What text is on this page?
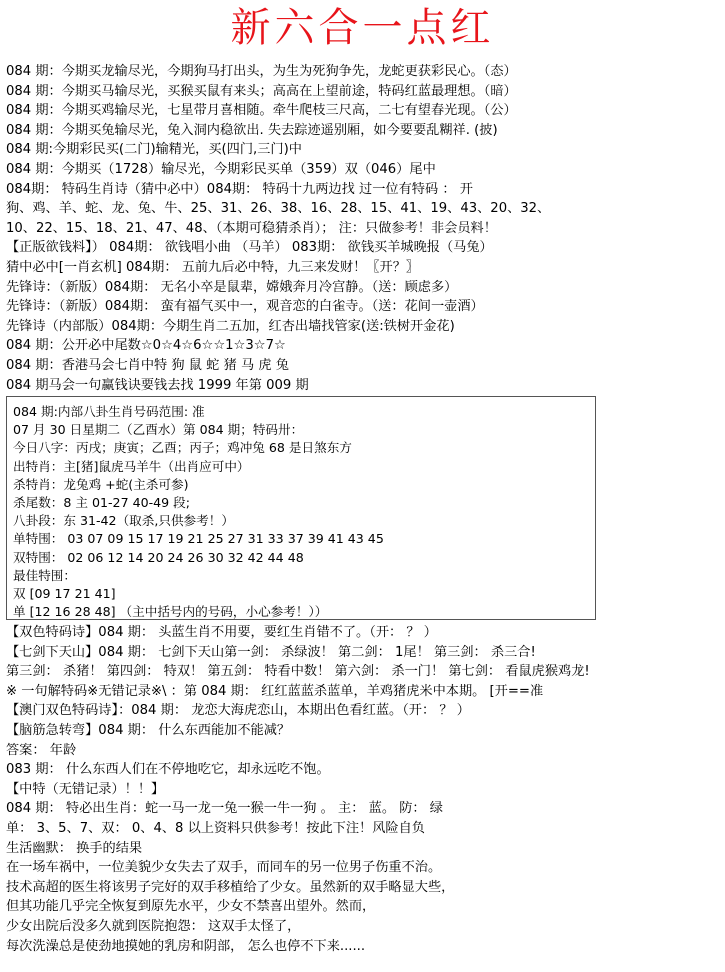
新六合一点红
084 期：今期买龙输尽光，今期狗马打出头，为生为死狗争先，龙蛇更获彩民心。（态）
084 期：今期买马输尽光，买猴买鼠有来头；高高在上望前途，特码红蓝最理想。（暗）
084 期：今期买鸡输尽光，七星带月喜相随。牵牛爬枝三尺高，二七有望春光现。（公）
084 期：今期买兔输尽光，兔入洞内稳欲出. 失去踪迹遥别厢，如今要要乱糊祥. (披)
084 期:今期彩民买(二门)输精光，买(四门,三门)中
084 期：今期买（1728）输尽光，今期彩民买单（359）双（046）尾中
084期： 特码生肖诗（猜中必中）084期： 特码十九两边找 过一位有特码 ： 开
狗、鸡、羊、蛇、龙、兔、牛、25、31、26、38、16、28、15、41、19、43、20、32、
10、22、15、18、21、47、48、（本期可稳猜杀肖）； 注：只做参考！非会员料！
【正版欲钱料】） 084期： 欲钱唱小曲 （马羊） 083期： 欲钱买羊城晚报（马兔）
猜中必中[一肖玄机] 084期： 五前九后必中特，九三来发财！〖开？〗
先锋诗：（新版）084期： 无名小卒是鼠辈，嫦娥奔月冷宫静。（送：顾虑多）
先锋诗：（新版）084期： 蛮有福气买中一，观音恋的白雀寺。（送：花间一壶酒）
先锋诗（内部版）084期：今期生肖二五加，红杏出墙找管家(送:铁树开金花)
084 期：公开必中尾数☆0☆4☆6☆☆1☆3☆7☆
084 期：香港马会七肖中特 狗 鼠 蛇 猪 马 虎 兔
084 期马会一句赢钱诀要钱去找 1999 年第 009 期
084 期:内部八卦生肖号码范围: 准
07 月 30 日星期二（乙酉水）第 084 期；特码卅：
今日八字：丙戌；庚寅；乙酉；丙子；鸡冲兔 68 是日煞东方
出特肖：主[猪]鼠虎马羊牛（出肖应可中）
杀特肖：龙兔鸡 +蛇(主杀可参)
杀尾数：8 主 01-27 40-49 段;
八卦段：东 31-42（取杀,只供参考！）
单特围： 03 07 09 15 17 19 21 25 27 31 33 37 39 41 43 45
双特围： 02 06 12 14 20 24 26 30 32 42 44 48
最佳特围：
双 [09 17 21 41]
单 [12 16 28 48] （主中括号内的号码，小心参考！））
【双色特码诗】084 期： 头蓝生肖不用要，要红生肖错不了。（开： ？ ）
【七剑下天山】084 期： 七剑下天山第一剑： 杀绿波！ 第二剑： 1尾！ 第三剑： 杀三合!
第三剑： 杀猪！ 第四剑： 特双！ 第五剑： 特看中数！ 第六剑： 杀一门！ 第七剑： 看鼠虎猴鸡龙!
※ 一句解特码※无错记录※\ ：第 084 期： 红红蓝蓝杀蓝单，羊鸡猪虎米中本期。 [开==准
【澳门双色特码诗】：084 期： 龙恋大海虎恋山，本期出色看红蓝。（开： ？ ）
【脑筋急转弯】084 期： 什么东西能加不能减？
答案： 年龄
083 期： 什么东西人们在不停地吃它，却永远吃不饱。
【中特（无错记录）！！】
084 期： 特必出生肖：蛇一马一龙一兔一猴一牛一狗 。 主： 蓝。 防： 绿
单： 3、5、7、双： 0、4、8 以上资料只供参考！按此下注！风险自负
生活幽默： 换手的结果
在一场车祸中，一位美貌少女失去了双手，而同车的另一位男子伤重不治。
技术高超的医生将该男子完好的双手移植给了少女。虽然新的双手略显大些，
但其功能几乎完全恢复到原先水平，少女不禁喜出望外。然而，
少女出院后没多久就到医院抱怨： 这双手太怪了，
每次洗澡总是使劲地摸她的乳房和阴部， 怎么也停不下来......
